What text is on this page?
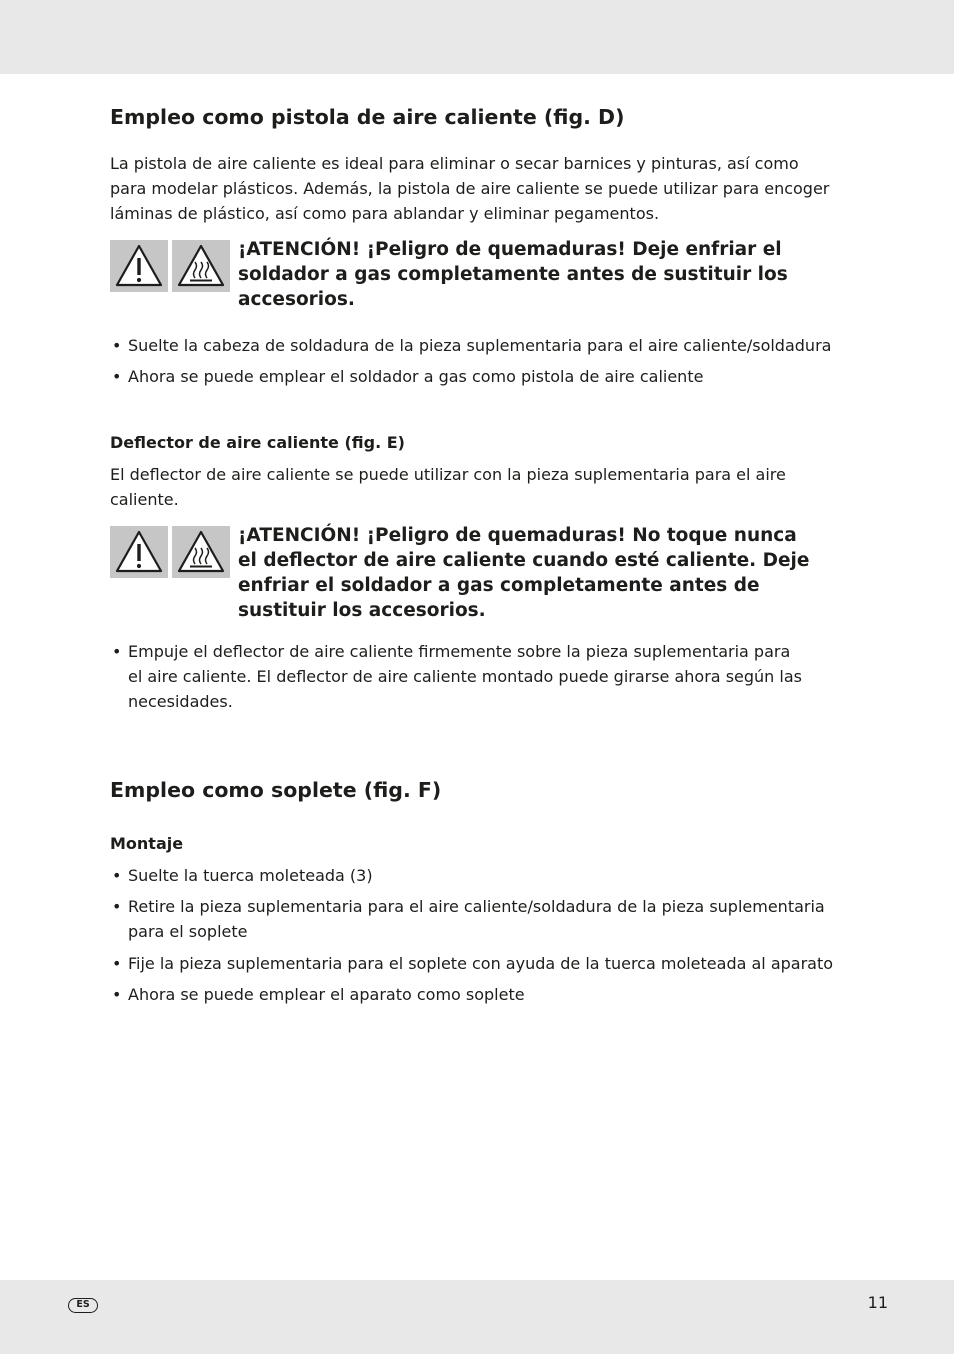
Empleo como pistola de aire caliente (fig. D)

La pistola de aire caliente es ideal para eliminar o secar barnices y pinturas, así como

para modelar plásticos. Además, la pistola de aire caliente se puede utilizar para encoger

láminas de plástico, así como para ablandar y eliminar pegamentos.

¡ATENCIÓN! ¡Peligro de quemaduras! Deje enfriar el
soldador a gas completamente antes de sustituir los
accesorios.
• Suelte la cabeza de soldadura de la pieza suplementaria para el aire caliente/soldadura
• Ahora se puede emplear el soldador a gas como pistola de aire caliente
Deflector de aire caliente (fig. E)

El deflector de aire caliente se puede utilizar con la pieza suplementaria para el aire

caliente.

¡ATENCIÓN! ¡Peligro de quemaduras! No toque nunca
el deflector de aire caliente cuando esté caliente. Deje
enfriar el soldador a gas completamente antes de
sustituir los accesorios.
• Empuje el deflector de aire caliente firmemente sobre la pieza suplementaria para
el aire caliente. El deflector de aire caliente montado puede girarse ahora según las
necesidades.
Empleo como soplete (fig. F)
Montaje
• Suelte la tuerca moleteada (3)
• Retire la pieza suplementaria para el aire caliente/soldadura de la pieza suplementaria
para el soplete
• Fije la pieza suplementaria para el soplete con ayuda de la tuerca moleteada al aparato
• Ahora se puede emplear el aparato como soplete
ES	11
